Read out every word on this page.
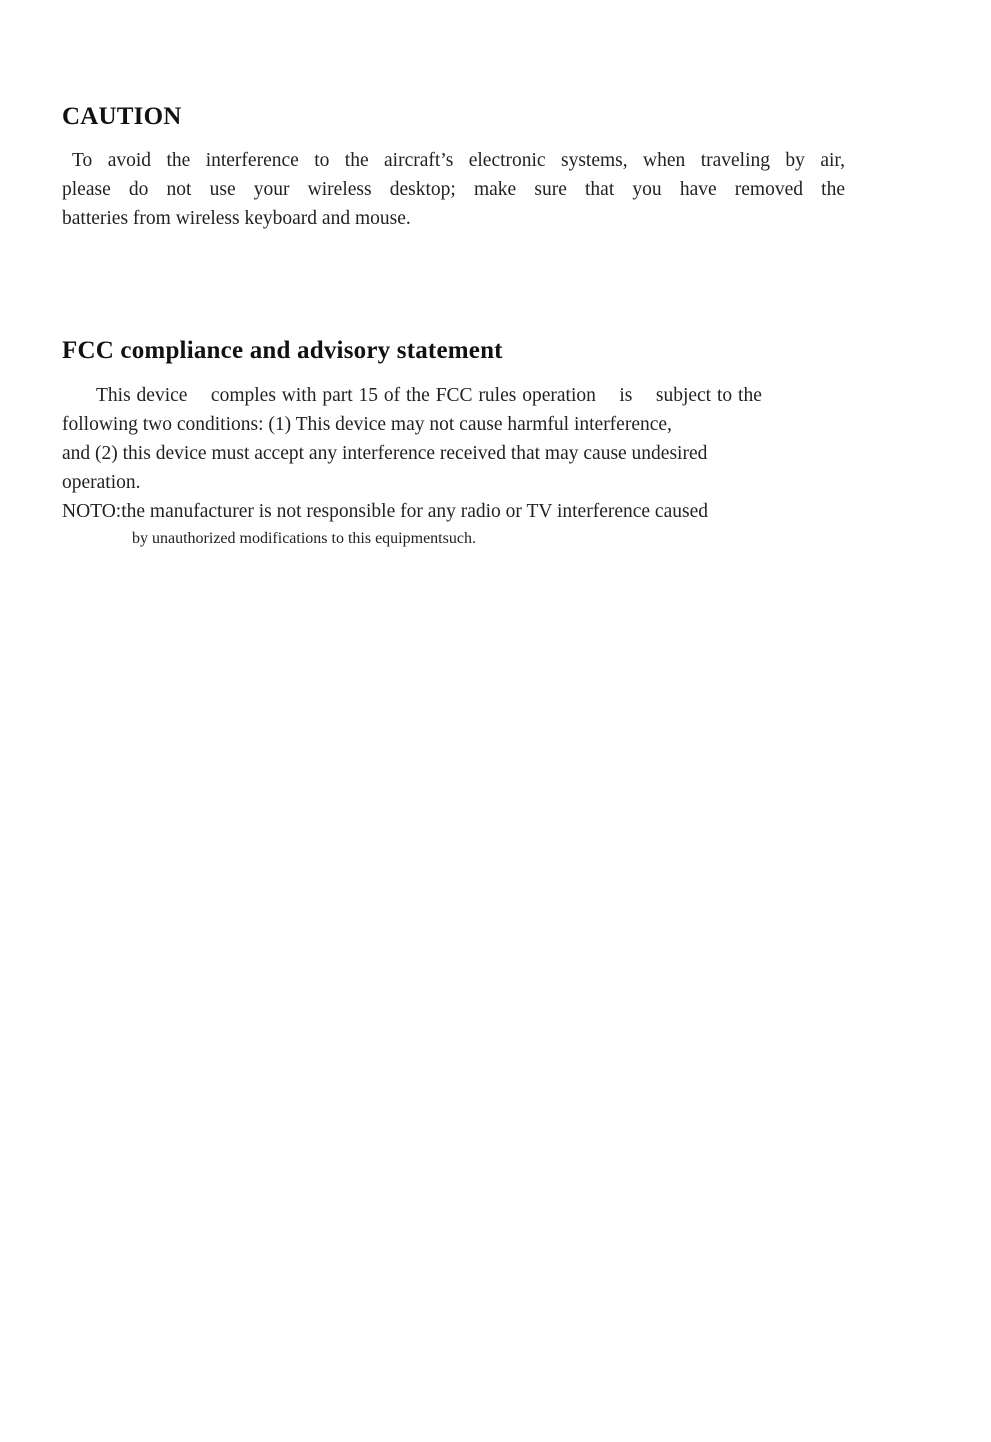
CAUTION

To avoid the interference to the aircraft’s electronic systems, when traveling by air,
please do not use your wireless desktop; make sure that you have removed the
batteries from wireless keyboard and mouse.

FCC compliance and advisory statement

This device    comples with part 15 of the FCC rules operation    is    subject to the
following two conditions: (1) This device may not cause harmful interference,
and (2) this device must accept any interference received that may cause undesired
operation.
NOTO:the manufacturer is not responsible for any radio or TV interference caused
by unauthorized modifications to this equipmentsuch.
